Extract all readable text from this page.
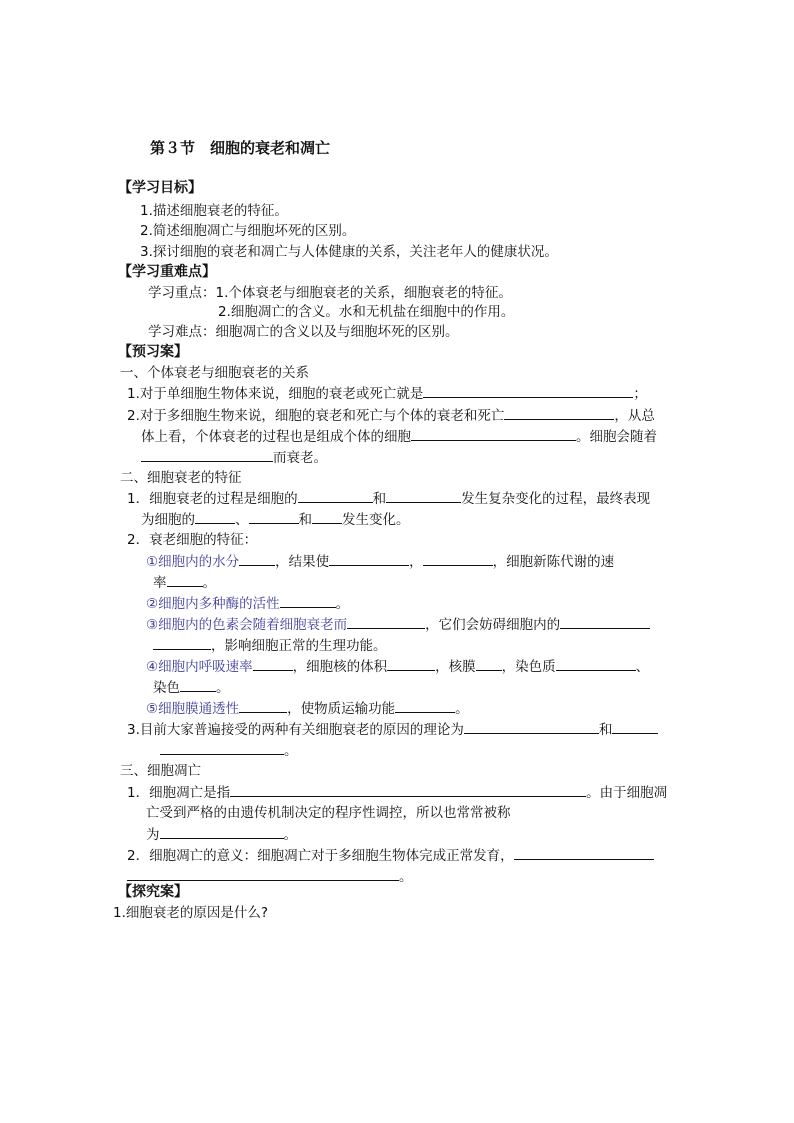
第３节　细胞的衰老和凋亡
【学习目标】
1.描述细胞衰老的特征。
2.简述细胞凋亡与细胞坏死的区别。
3.探讨细胞的衰老和凋亡与人体健康的关系，关注老年人的健康状况。
【学习重难点】
学习重点：1.个体衰老与细胞衰老的关系，细胞衰老的特征。
2.细胞凋亡的含义。水和无机盐在细胞中的作用。
学习难点：细胞凋亡的含义以及与细胞坏死的区别。
【预习案】
一、个体衰老与细胞衰老的关系
1.对于单细胞生物体来说，细胞的衰老或死亡就是	；
2.对于多细胞生物来说，细胞的衰老和死亡与个体的衰老和死亡	，从总
体上看，个体衰老的过程也是组成个体的细胞	。细胞会随着
而衰老。
二、细胞衰老的特征
1．细胞衰老的过程是细胞的	和	发生复杂变化的过程，最终表现
为细胞的	、	和 发生变化。
2．衰老细胞的特征：
①细胞内的水分	，结果使	，	，细胞新陈代谢的速
率	。
②细胞内多种酶的活性	。
③细胞内的色素会随着细胞衰老而	，它们会妨碍细胞内的
，影响细胞正常的生理功能。
④细胞内呼吸速率	，细胞核的体积	，核膜 ，染色质	、
染色	。
⑤细胞膜通透性	，使物质运输功能	。
3.目前大家普遍接受的两种有关细胞衰老的原因的理论为	和
。
三、细胞凋亡
1．细胞凋亡是指	。由于细胞凋
亡受到严格的由遗传机制决定的程序性调控，所以也常常被称
为	。
2．细胞凋亡的意义：细胞凋亡对于多细胞生物体完成正常发育，
。
【探究案】
1.细胞衰老的原因是什么?
